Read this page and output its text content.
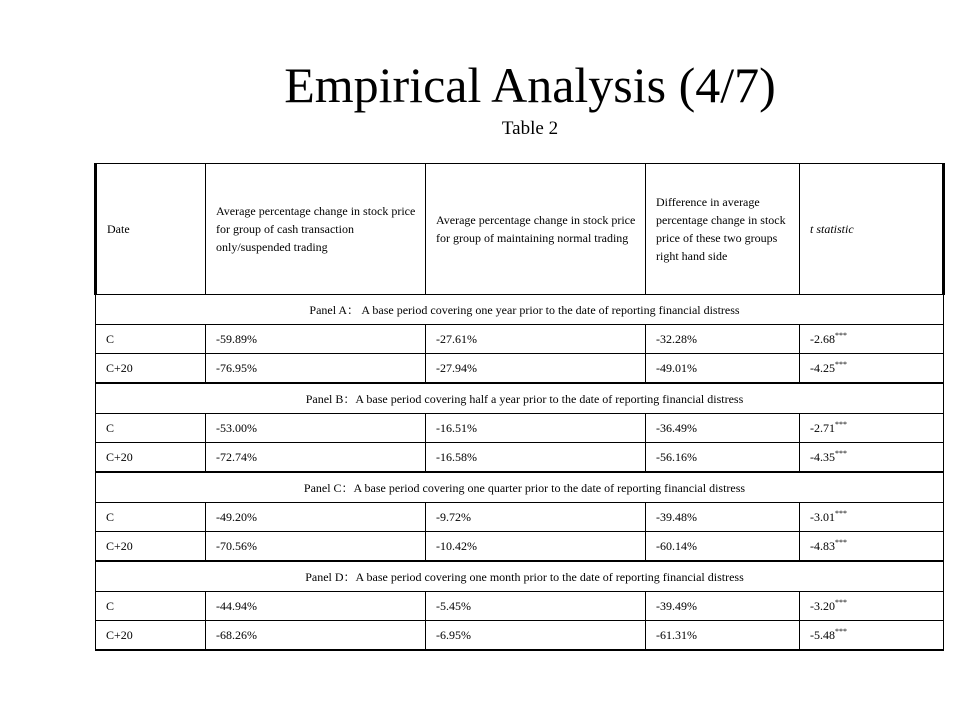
Empirical Analysis (4/7)
Table 2
Date	Average percentage change in stock price for group of cash transaction only/suspended trading	Average percentage change in stock price for group of maintaining normal trading	Difference in average percentage change in stock price of these two groups right hand side	t statistic
Panel A： A base period covering one year prior to the date of reporting financial distress				
C	-59.89%	-27.61%	-32.28%	-2.68***
C+20	-76.95%	-27.94%	-49.01%	-4.25***
Panel B：A base period covering half a year prior to the date of reporting financial distress				
C	-53.00%	-16.51%	-36.49%	-2.71***
C+20	-72.74%	-16.58%	-56.16%	-4.35***
Panel C：A base period covering one quarter prior to the date of reporting financial distress				
C	-49.20%	-9.72%	-39.48%	-3.01***
C+20	-70.56%	-10.42%	-60.14%	-4.83***
Panel D：A base period covering one month prior to the date of reporting financial distress				
C	-44.94%	-5.45%	-39.49%	-3.20***
C+20	-68.26%	-6.95%	-61.31%	-5.48***
